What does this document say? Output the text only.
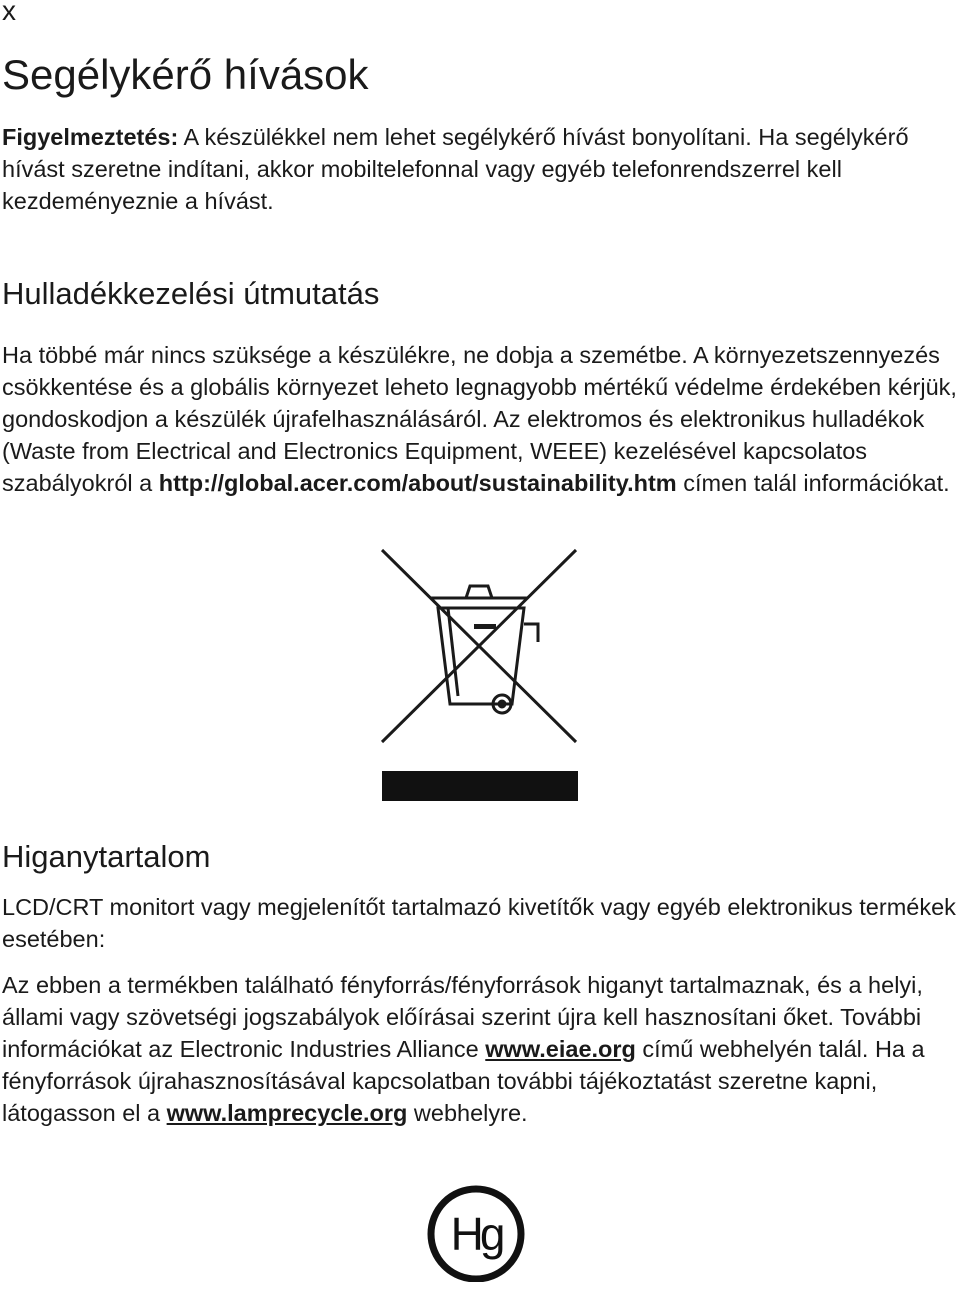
x
Segélykérő hívások

Figyelmeztetés: A készülékkel nem lehet segélykérő hívást bonyolítani. Ha segélykérő hívást szeretne indítani, akkor mobiltelefonnal vagy egyéb telefonrendszerrel kell kezdeményeznie a hívást.

Hulladékkezelési útmutatás

Ha többé már nincs szüksége a készülékre, ne dobja a szemétbe. A környezetszennyezés csökkentése és a globális környezet leheto legnagyobb mértékű védelme érdekében kérjük, gondoskodjon a készülék újrafelhasználásáról. Az elektromos és elektronikus hulladékok (Waste from Electrical and Electronics Equipment, WEEE) kezelésével kapcsolatos szabályokról a http://global.acer.com/about/sustainability.htm címen talál információkat.

Higanytartalom

LCD/CRT monitort vagy megjelenítőt tartalmazó kivetítők vagy egyéb elektronikus termékek esetében:

Az ebben a termékben található fényforrás/fényforrások higanyt tartalmaznak, és a helyi, állami vagy szövetségi jogszabályok előírásai szerint újra kell hasznosítani őket. További információkat az Electronic Industries Alliance www.eiae.org című webhelyén talál. Ha a fényforrások újrahasznosításával kapcsolatban további tájékoztatást szeretne kapni, látogasson el a www.lamprecycle.org webhelyre.

Hg
